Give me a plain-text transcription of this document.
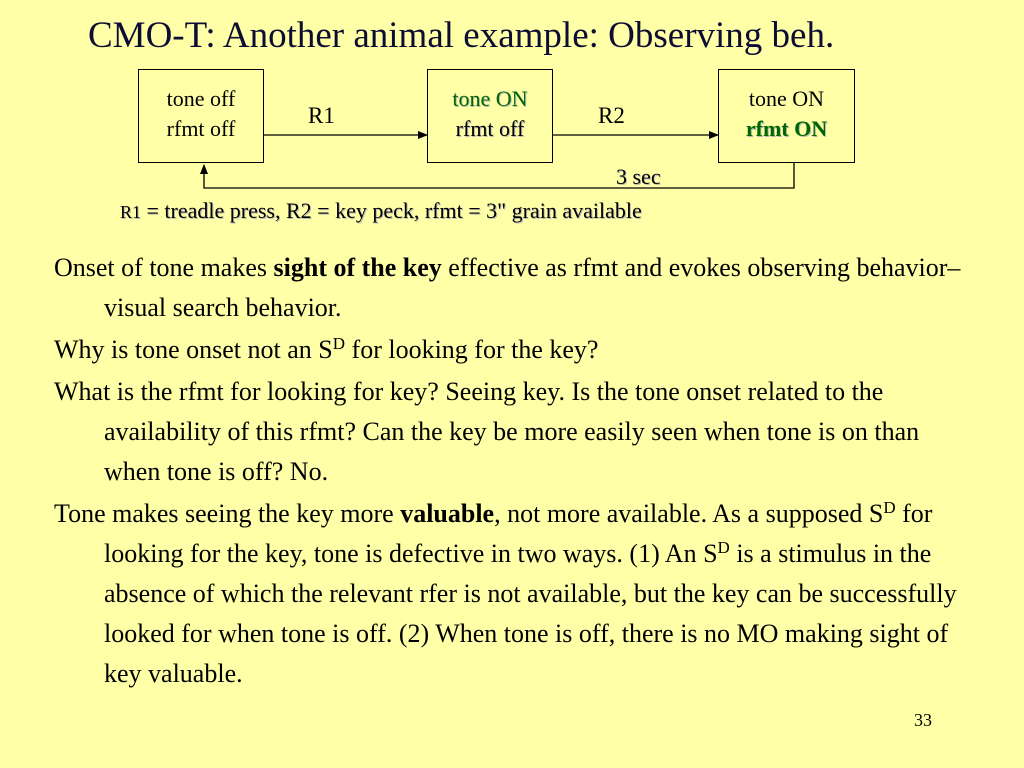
CMO-T: Another animal example: Observing beh.
tone off
rfmt off
tone ON
rfmt off
tone ON
rfmt ON
R1	R2
3 sec
R1 = treadle press, R2 = key peck, rfmt = 3" grain available

Onset of tone makes sight of the key effective as rfmt and evokes observing behavior–visual search behavior.

Why is tone onset not an $S^D$ for looking for the key?

What is the rfmt for looking for key? Seeing key. Is the tone onset related to the availability of this rfmt? Can the key be more easily seen when tone is on than when tone is off? No.

Tone makes seeing the key more valuable, not more available. As a supposed $S^D$ for looking for the key, tone is defective in two ways. (1) An $S^D$ is a stimulus in the absence of which the relevant rfer is not available, but the key can be successfully looked for when tone is off. (2) When tone is off, there is no MO making sight of key valuable.

33
